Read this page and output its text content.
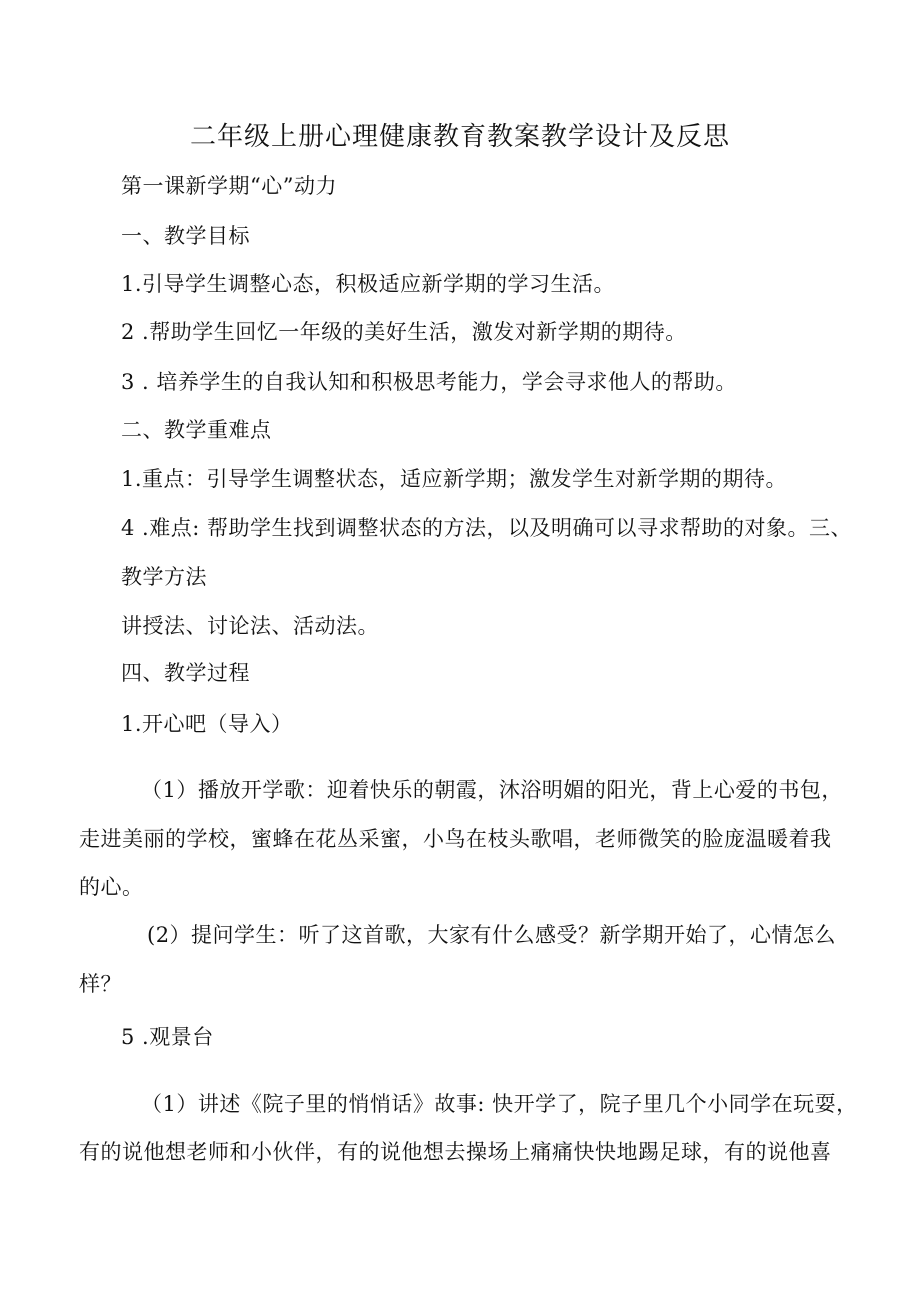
二年级上册心理健康教育教案教学设计及反思
第一课新学期“心”动力
一、教学目标
1.引导学生调整心态，积极适应新学期的学习生活。
2 .帮助学生回忆一年级的美好生活，激发对新学期的期待。
3 . 培养学生的自我认知和积极思考能力，学会寻求他人的帮助。
二、教学重难点
1.重点：引导学生调整状态，适应新学期；激发学生对新学期的期待。
4 .难点: 帮助学生找到调整状态的方法，以及明确可以寻求帮助的对象。三、
教学方法
讲授法、讨论法、活动法。
四、教学过程
1.开心吧（导入）
（1）播放开学歌：迎着快乐的朝霞，沐浴明媚的阳光，背上心爱的书包，
走进美丽的学校，蜜蜂在花丛采蜜，小鸟在枝头歌唱，老师微笑的脸庞温暖着我
的心。
(2）提问学生：听了这首歌，大家有什么感受？新学期开始了，心情怎么
样？
5 .观景台
（1）讲述《院子里的悄悄话》故事: 快开学了，院子里几个小同学在玩耍，
有的说他想老师和小伙伴，有的说他想去操场上痛痛快快地踢足球，有的说他喜
